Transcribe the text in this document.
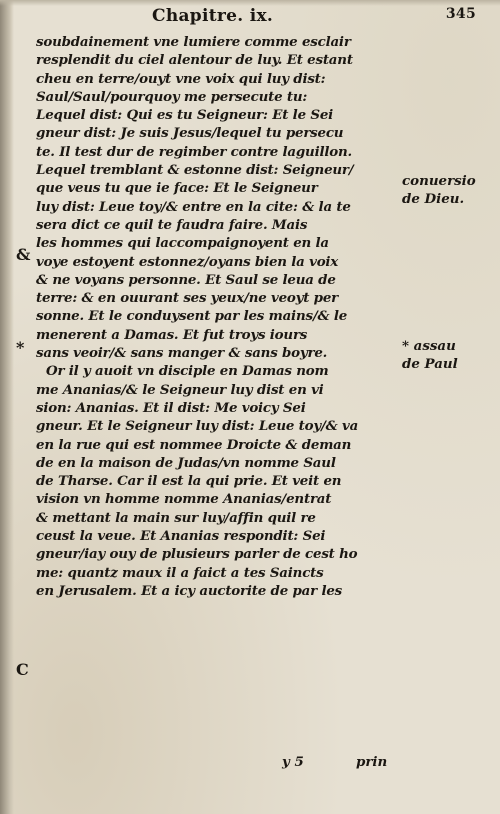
Chapitre. ix.	345
soubdainement vne lumiere comme esclair
resplendit du ciel alentour de luy. Et estant
cheu en terre/ouyt vne voix qui luy dist:
Saul/Saul/pourquoy me persecute tu:
Lequel dist: Qui es tu Seigneur: Et le Sei
gneur dist: Je suis Jesus/lequel tu persecu
te. Il test dur de regimber contre laguillon.
Lequel tremblant & estonne dist: Seigneur/
que veus tu que ie face: Et le Seigneur
luy dist: Leue toy/& entre en la cite: & la te
sera dict ce quil te faudra faire. Mais
les hommes qui laccompaignoyent en la
voye estoyent estonnez/oyans bien la voix
& ne voyans personne. Et Saul se leua de
terre: & en ouurant ses yeux/ne veoyt per
sonne. Et le conduysent par les mains/& le
menerent a Damas. Et fut troys iours
sans veoir/& sans manger & sans boyre.
Or il y auoit vn disciple en Damas nom
me Ananias/& le Seigneur luy dist en vi
sion: Ananias. Et il dist: Me voicy Sei
gneur. Et le Seigneur luy dist: Leue toy/& va
en la rue qui est nommee Droicte & deman
de en la maison de Judas/vn nomme Saul
de Tharse. Car il est la qui prie. Et veit en
vision vn homme nomme Ananias/entrat
& mettant la main sur luy/affin quil re
ceust la veue. Et Ananias respondit: Sei
gneur/iay ouy de plusieurs parler de cest ho
me: quantz maux il a faict a tes Saincts
en Jerusalem. Et a icy auctorite de par les
conuersio
de Dieu.
* assau
de Paul
&
*
C
y 5	prin
